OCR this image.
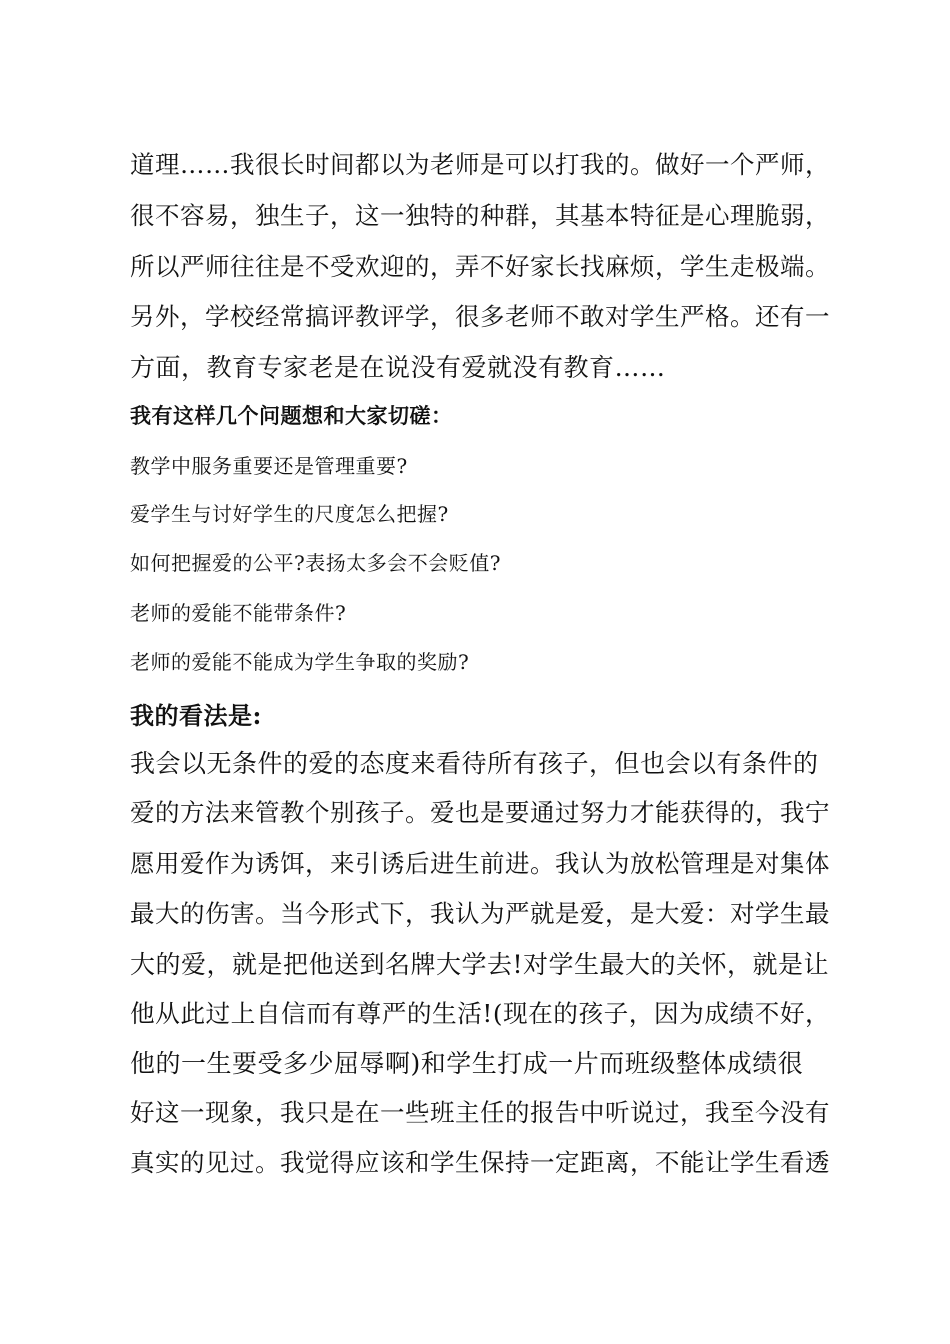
道理……我很长时间都以为老师是可以打我的。做好一个严师，
很不容易，独生子，这一独特的种群，其基本特征是心理脆弱，
所以严师往往是不受欢迎的，弄不好家长找麻烦，学生走极端。
另外，学校经常搞评教评学，很多老师不敢对学生严格。还有一
方面，教育专家老是在说没有爱就没有教育……
我有这样几个问题想和大家切磋：
教学中服务重要还是管理重要?
爱学生与讨好学生的尺度怎么把握?
如何把握爱的公平?表扬太多会不会贬值?
老师的爱能不能带条件?
老师的爱能不能成为学生争取的奖励?
我的看法是:
我会以无条件的爱的态度来看待所有孩子，但也会以有条件的
爱的方法来管教个别孩子。爱也是要通过努力才能获得的，我宁
愿用爱作为诱饵，来引诱后进生前进。我认为放松管理是对集体
最大的伤害。当今形式下，我认为严就是爱，是大爱：对学生最
大的爱，就是把他送到名牌大学去!对学生最大的关怀，就是让
他从此过上自信而有尊严的生活!(现在的孩子，因为成绩不好，
他的一生要受多少屈辱啊)和学生打成一片而班级整体成绩很
好这一现象，我只是在一些班主任的报告中听说过，我至今没有
真实的见过。我觉得应该和学生保持一定距离，不能让学生看透
